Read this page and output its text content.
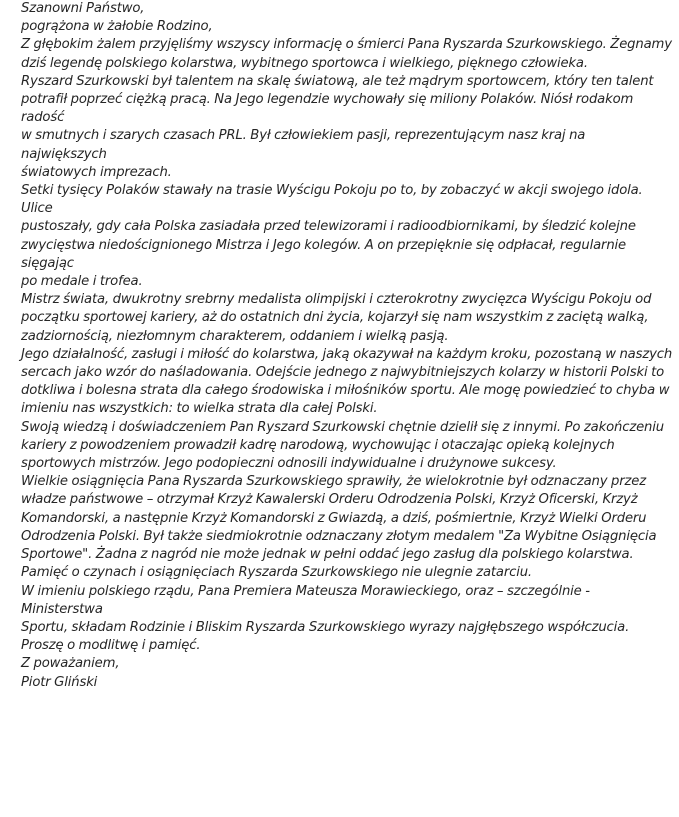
Szanowni Państwo,

pogrążona w żałobie Rodzino,

Z głębokim żalem przyjęliśmy wszyscy informację o śmierci Pana Ryszarda Szurkowskiego. Żegnamy
dziś legendę polskiego kolarstwa, wybitnego sportowca i wielkiego, pięknego człowieka.

Ryszard Szurkowski był talentem na skalę światową, ale też mądrym sportowcem, który ten talent
potrafił poprzeć ciężką pracą. Na Jego legendzie wychowały się miliony Polaków. Niósł rodakom radość
w smutnych i szarych czasach PRL. Był człowiekiem pasji, reprezentującym nasz kraj na największych
światowych imprezach.

Setki tysięcy Polaków stawały na trasie Wyścigu Pokoju po to, by zobaczyć w akcji swojego idola. Ulice
pustoszały, gdy cała Polska zasiadała przed telewizorami i radioodbiornikami, by śledzić kolejne
zwycięstwa niedoścignionego Mistrza i Jego kolegów. A on przepięknie się odpłacał, regularnie sięgając
po medale i trofea.

Mistrz świata, dwukrotny srebrny medalista olimpijski i czterokrotny zwycięzca Wyścigu Pokoju od
początku sportowej kariery, aż do ostatnich dni życia, kojarzył się nam wszystkim z zaciętą walką,
zadziornością, niezłomnym charakterem, oddaniem i wielką pasją.

Jego działalność, zasługi i miłość do kolarstwa, jaką okazywał na każdym kroku, pozostaną w naszych
sercach jako wzór do naśladowania. Odejście jednego z najwybitniejszych kolarzy w historii Polski to
dotkliwa i bolesna strata dla całego środowiska i miłośników sportu. Ale mogę powiedzieć to chyba w
imieniu nas wszystkich: to wielka strata dla całej Polski.

Swoją wiedzą i doświadczeniem Pan Ryszard Szurkowski chętnie dzielił się z innymi. Po zakończeniu
kariery z powodzeniem prowadził kadrę narodową, wychowując i otaczając opieką kolejnych
sportowych mistrzów. Jego podopieczni odnosili indywidualne i drużynowe sukcesy.

Wielkie osiągnięcia Pana Ryszarda Szurkowskiego sprawiły, że wielokrotnie był odznaczany przez
władze państwowe – otrzymał Krzyż Kawalerski Orderu Odrodzenia Polski, Krzyż Oficerski, Krzyż
Komandorski, a następnie Krzyż Komandorski z Gwiazdą, a dziś, pośmiertnie, Krzyż Wielki Orderu
Odrodzenia Polski. Był także siedmiokrotnie odznaczany złotym medalem "Za Wybitne Osiągnięcia
Sportowe". Żadna z nagród nie może jednak w pełni oddać jego zasług dla polskiego kolarstwa.
Pamięć o czynach i osiągnięciach Ryszarda Szurkowskiego nie ulegnie zatarciu.

W imieniu polskiego rządu, Pana Premiera Mateusza Morawieckiego, oraz – szczególnie - Ministerstwa
Sportu, składam Rodzinie i Bliskim Ryszarda Szurkowskiego wyrazy najgłębszego współczucia.
Proszę o modlitwę i pamięć.

Z poważaniem,

Piotr Gliński
